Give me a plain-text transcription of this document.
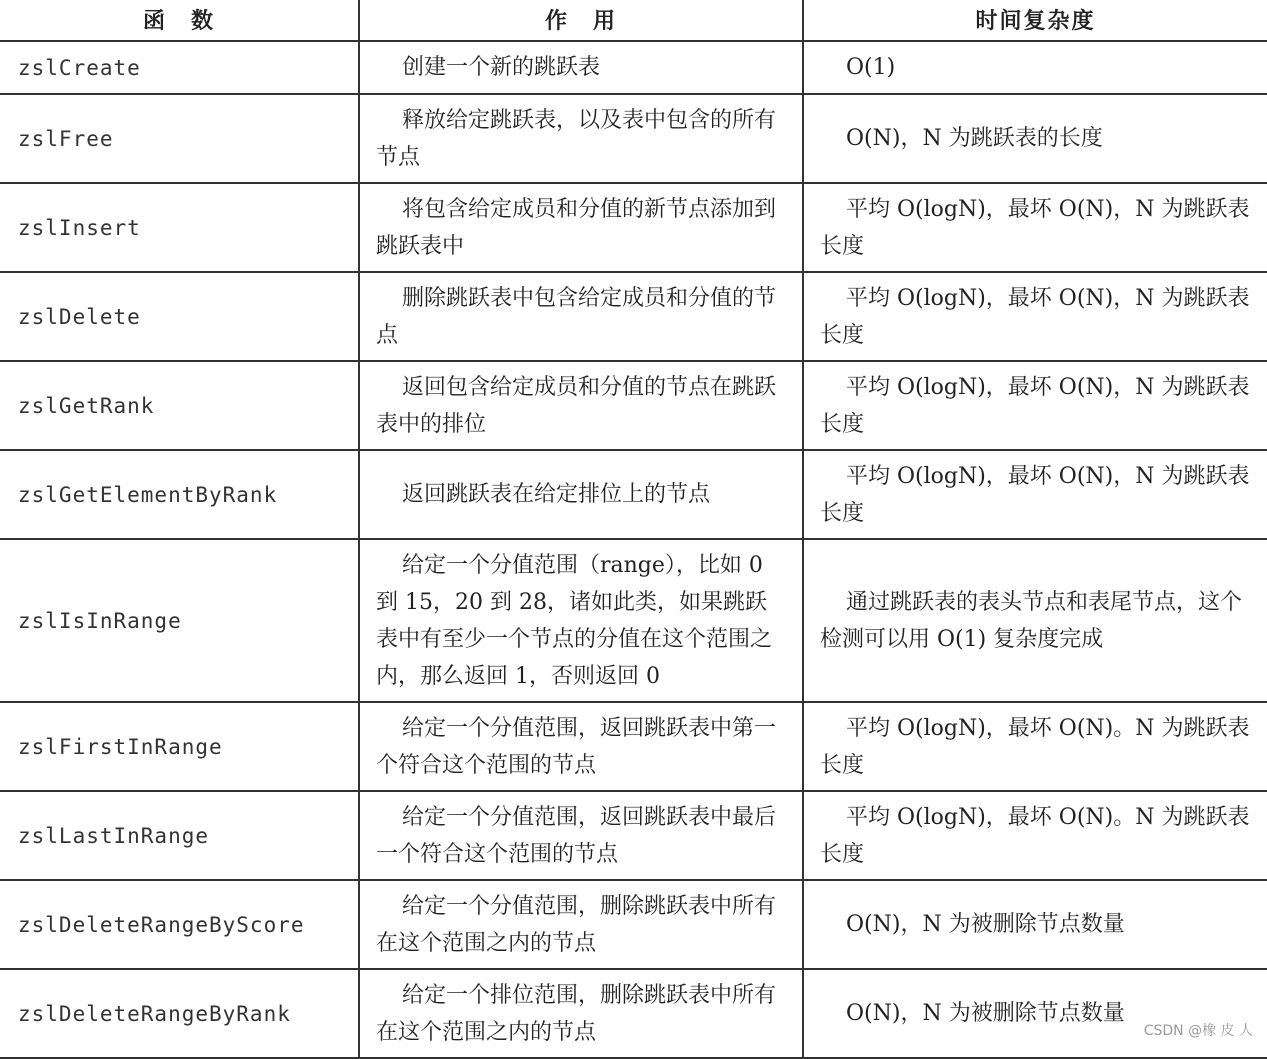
函　数	作　用	时间复杂度
zslCreate	创建一个新的跳跃表	O(1)
zslFree	释放给定跳跃表，以及表中包含的所有节点	O(N)，N 为跳跃表的长度
zslInsert	将包含给定成员和分值的新节点添加到跳跃表中	平均 O(logN)，最坏 O(N)，N 为跳跃表长度
zslDelete	删除跳跃表中包含给定成员和分值的节点	平均 O(logN)，最坏 O(N)，N 为跳跃表长度
zslGetRank	返回包含给定成员和分值的节点在跳跃表中的排位	平均 O(logN)，最坏 O(N)，N 为跳跃表长度
zslGetElementByRank	返回跳跃表在给定排位上的节点	平均 O(logN)，最坏 O(N)，N 为跳跃表长度
zslIsInRange	给定一个分值范围（range），比如 0 到 15，20 到 28，诸如此类，如果跳跃表中有至少一个节点的分值在这个范围之内，那么返回 1，否则返回 0	通过跳跃表的表头节点和表尾节点，这个检测可以用 O(1) 复杂度完成
zslFirstInRange	给定一个分值范围，返回跳跃表中第一个符合这个范围的节点	平均 O(logN)，最坏 O(N)。N 为跳跃表长度
zslLastInRange	给定一个分值范围，返回跳跃表中最后一个符合这个范围的节点	平均 O(logN)，最坏 O(N)。N 为跳跃表长度
zslDeleteRangeByScore	给定一个分值范围，删除跳跃表中所有在这个范围之内的节点	O(N)，N 为被删除节点数量
zslDeleteRangeByRank	给定一个排位范围，删除跳跃表中所有在这个范围之内的节点	O(N)，N 为被删除节点数量
CSDN @橡 皮 人
